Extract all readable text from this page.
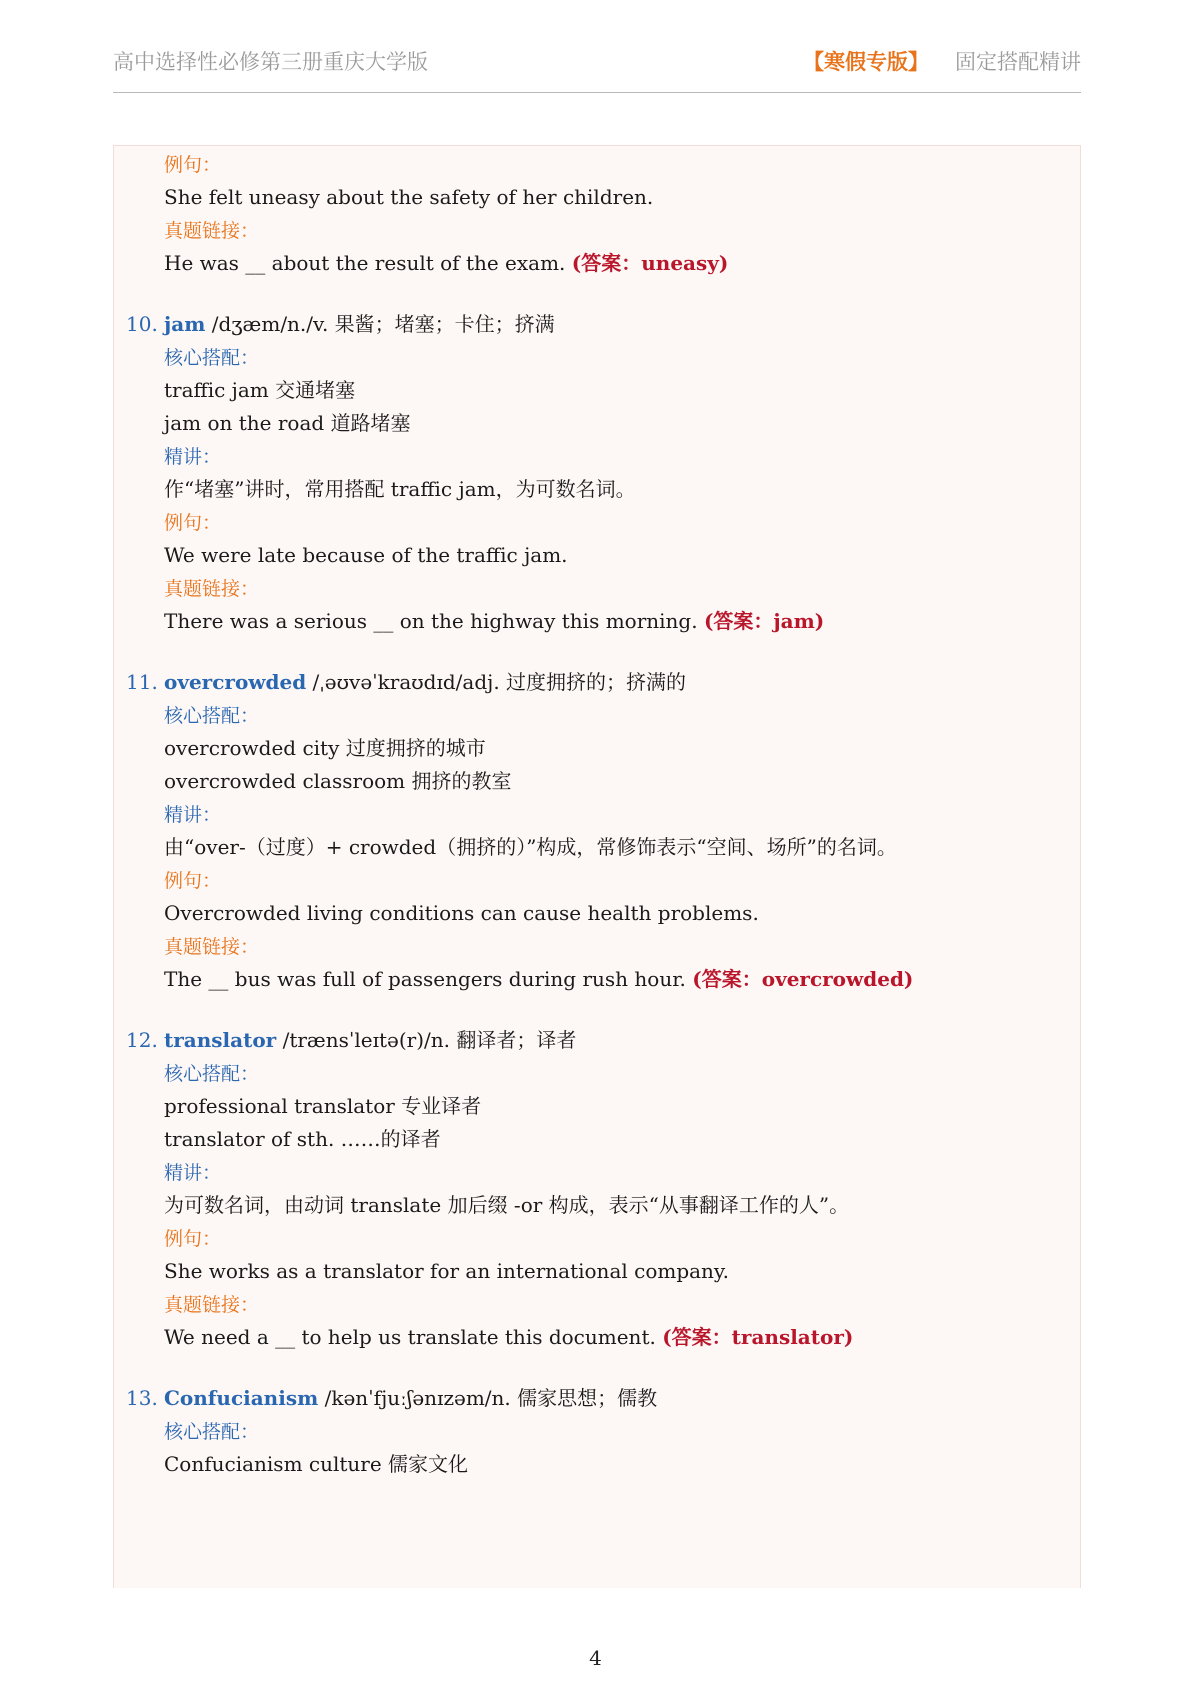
高中选择性必修第三册重庆大学版	【寒假专版】 固定搭配精讲
例句：
She felt uneasy about the safety of her children.
真题链接：
He was __ about the result of the exam. (答案：uneasy)
10. jam /dʒæm/n./v. 果酱；堵塞；卡住；挤满
核心搭配：
traffic jam 交通堵塞
jam on the road 道路堵塞
精讲：
作“堵塞”讲时，常用搭配 traffic jam，为可数名词。
例句：
We were late because of the traffic jam.
真题链接：
There was a serious __ on the highway this morning. (答案：jam)
11. overcrowded /ˌəʊvəˈkraʊdɪd/adj. 过度拥挤的；挤满的
核心搭配：
overcrowded city 过度拥挤的城市
overcrowded classroom 拥挤的教室
精讲：
由“over-（过度）+ crowded（拥挤的）”构成，常修饰表示“空间、场所”的名词。
例句：
Overcrowded living conditions can cause health problems.
真题链接：
The __ bus was full of passengers during rush hour. (答案：overcrowded)
12. translator /trænsˈleɪtə(r)/n. 翻译者；译者
核心搭配：
professional translator 专业译者
translator of sth. ……的译者
精讲：
为可数名词，由动词 translate 加后缀 -or 构成，表示“从事翻译工作的人”。
例句：
She works as a translator for an international company.
真题链接：
We need a __ to help us translate this document. (答案：translator)
13. Confucianism /kənˈfjuːʃənɪzəm/n. 儒家思想；儒教
核心搭配：
Confucianism culture 儒家文化
4
